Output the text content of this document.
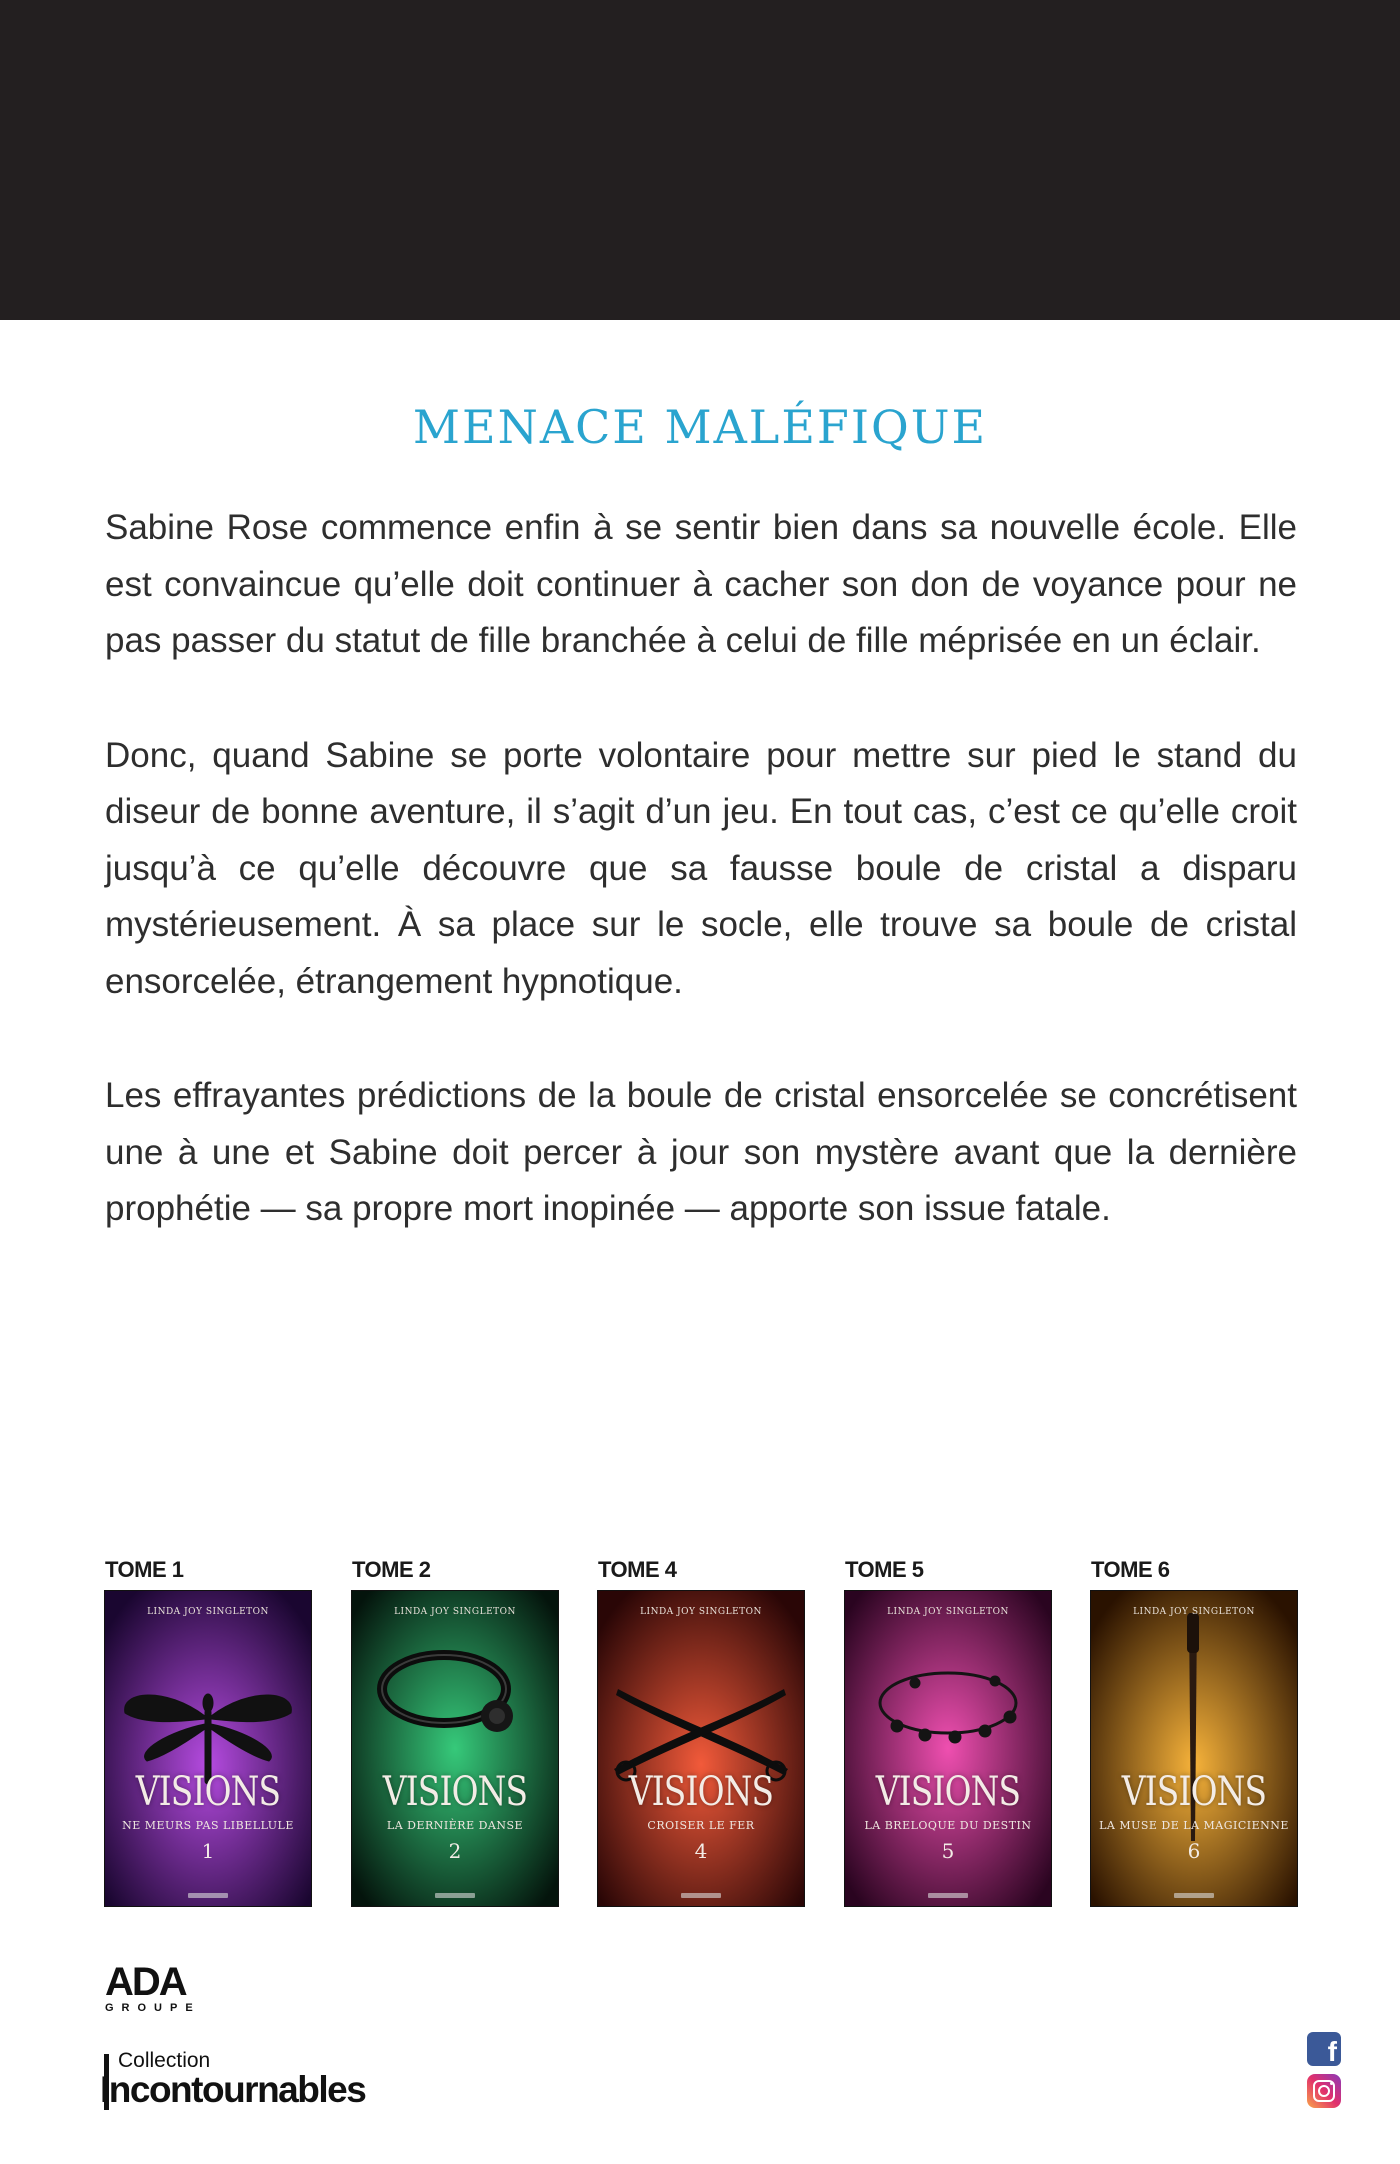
MENACE MALÉFIQUE

Sabine Rose commence enfin à se sentir bien dans sa nouvelle école. Elle est convaincue qu’elle doit continuer à cacher son don de voyance pour ne pas passer du statut de fille branchée à celui de fille méprisée en un éclair.

Donc, quand Sabine se porte volontaire pour mettre sur pied le stand du diseur de bonne aventure, il s’agit d’un jeu. En tout cas, c’est ce qu’elle croit jusqu’à ce qu’elle découvre que sa fausse boule de cristal a disparu mystérieusement. À sa place sur le socle, elle trouve sa boule de cristal ensorcelée, étrangement hypnotique.

Les effrayantes prédictions de la boule de cristal ensorcelée se concrétisent une à une et Sabine doit percer à jour son mystère avant que la dernière prophétie — sa propre mort inopinée — apporte son issue fatale.

TOME 1
LINDA JOY SINGLETON
VISIONS
NE MEURS PAS LIBELLULE
1
TOME 2
LINDA JOY SINGLETON
VISIONS
LA DERNIÈRE DANSE
2
TOME 4
LINDA JOY SINGLETON
VISIONS
CROISER LE FER
4
TOME 5
LINDA JOY SINGLETON
VISIONS
LA BRELOQUE DU DESTIN
5
TOME 6
LINDA JOY SINGLETON
VISIONS
LA MUSE DE LA MAGICIENNE
6
ADA
GROUPE
Collection
Incontournables
f
